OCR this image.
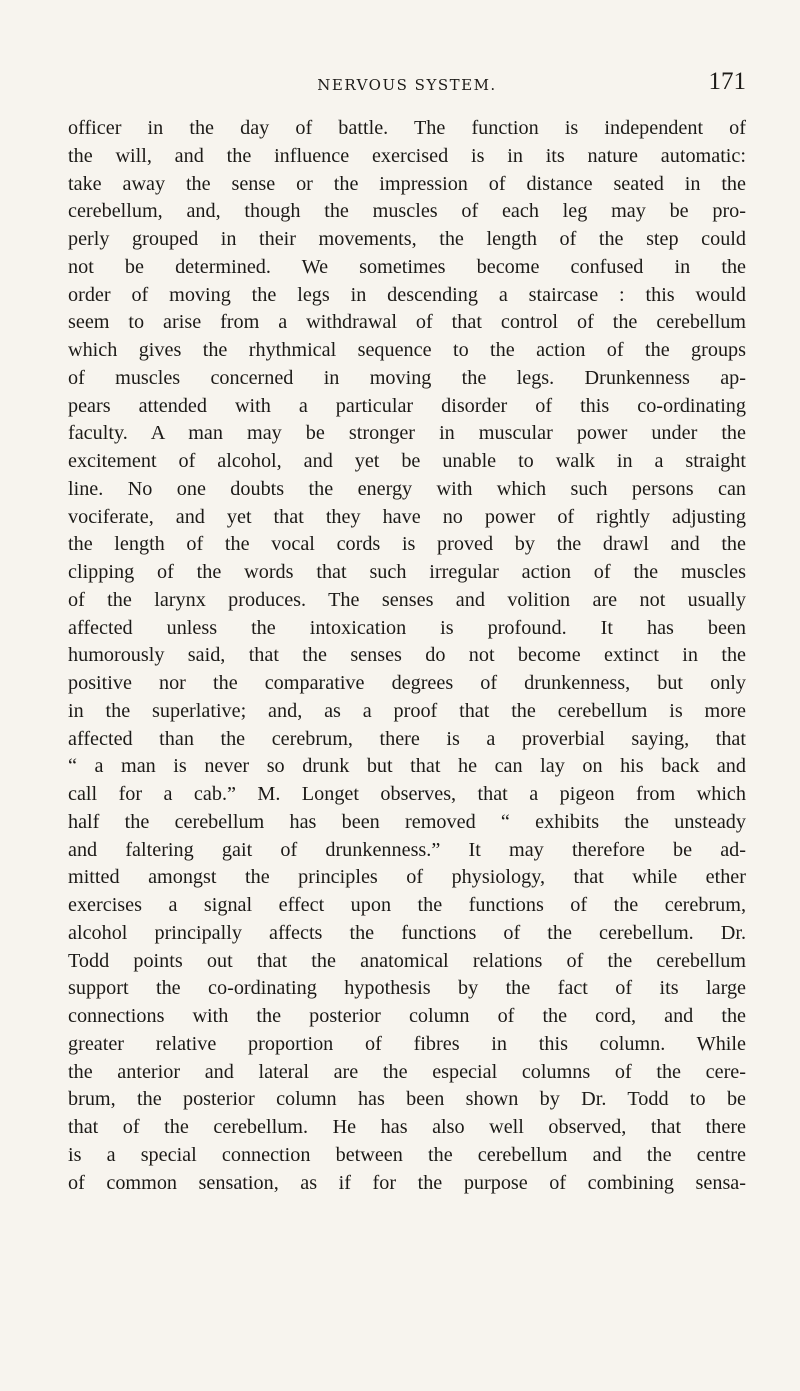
NERVOUS SYSTEM.	171
officer in the day of battle. The function is independent of
the will, and the influence exercised is in its nature automatic:
take away the sense or the impression of distance seated in the
cerebellum, and, though the muscles of each leg may be pro-
perly grouped in their movements, the length of the step could
not be determined. We sometimes become confused in the
order of moving the legs in descending a staircase : this would
seem to arise from a withdrawal of that control of the cerebellum
which gives the rhythmical sequence to the action of the groups
of muscles concerned in moving the legs. Drunkenness ap-
pears attended with a particular disorder of this co-ordinating
faculty. A man may be stronger in muscular power under the
excitement of alcohol, and yet be unable to walk in a straight
line. No one doubts the energy with which such persons can
vociferate, and yet that they have no power of rightly adjusting
the length of the vocal cords is proved by the drawl and the
clipping of the words that such irregular action of the muscles
of the larynx produces. The senses and volition are not usually
affected unless the intoxication is profound. It has been
humorously said, that the senses do not become extinct in the
positive nor the comparative degrees of drunkenness, but only
in the superlative; and, as a proof that the cerebellum is more
affected than the cerebrum, there is a proverbial saying, that
“ a man is never so drunk but that he can lay on his back and
call for a cab.” M. Longet observes, that a pigeon from which
half the cerebellum has been removed “ exhibits the unsteady
and faltering gait of drunkenness.” It may therefore be ad-
mitted amongst the principles of physiology, that while ether
exercises a signal effect upon the functions of the cerebrum,
alcohol principally affects the functions of the cerebellum. Dr.
Todd points out that the anatomical relations of the cerebellum
support the co-ordinating hypothesis by the fact of its large
connections with the posterior column of the cord, and the
greater relative proportion of fibres in this column. While
the anterior and lateral are the especial columns of the cere-
brum, the posterior column has been shown by Dr. Todd to be
that of the cerebellum. He has also well observed, that there
is a special connection between the cerebellum and the centre
of common sensation, as if for the purpose of combining sensa-
